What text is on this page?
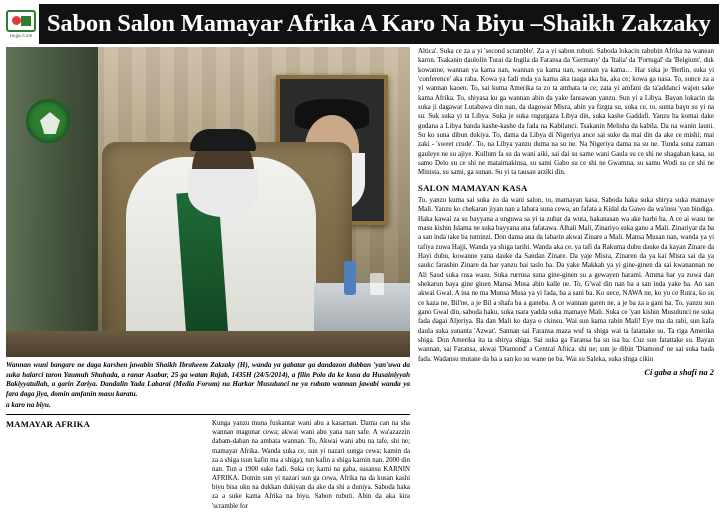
Hujja.Com Sabon Salon Mamayar Afrika A Karo Na Biyu –Shaikh Zakzaky
Wannan wuni bangare ne daga karshen jawabin Shaikh Ibraheem Zakzaky (H), wanda ya gabatar ga dandazon dubban 'yan'uwa da suka halarci taron Yaumuh Shuhada, a ranar Asabar, 25 ga watan Rajab, 1435H (24/5/2014), a filin Polo da ke kusa da Husainiyyah Bakiyyatullah, a garin Zariya. Dandalin Yada Labarai (Media Forum) na Harkar Musulunci ne ya rubuto wannan jawabi wanda ya fara daga jiya, domin amfanin masu karatu.
a karo na biyu.
MAMAYAR AFRIKA	Kunga yanzu muna fuskantar wani abu a kasarnan. Dama can na sha wannan magunar cewa; akwai wani abu yana nan safe. A wa'azazzin dabam-daban na ambata wannan. To, Akwai wani abu na tafe, shi ne; mamayar Afrika. Wanda suka ce, sun yi nazari sunga cewa; kamin da za a shiga tsun kafin ma a shiga), tun kafin a shiga karnin nan. 2000 din nan. Tun a 1900 suke fadi. Suka ce; karni na gaba, susansu KARNIN AFRIKA. Domin sun yi nazari sun ga cewa, Afrika na da kusan kashi biyu bisa uku na dukkan dukiyan da ake da shi a duniya. Saboda haka za a suke kama Afrika na biyu. Sabon rubuti. Abin da aka kira 'scramble for

Altica'. Suka ce za a yi 'second scramble'. Za a yi sabon rubuti. Saboda lokacin rabubin Afrika na wanean karon. Tsakanin daulolin Turai da Ingila da Faransa da 'Germany' da 'Italia' da 'Portugal' da 'Belgium', duk kowanne, wannan ya kama nan, wannan ya kama nan, wannan ya kama… Har suka je 'Berlin, suka yi 'conference' aka raba. Kowa ya fadi mda ya kama aka taaga aka ba, aka ce; kowa ga nasa. To, sunce za a yi wannan kaoen. To, sai kuma Amerika ta zo ta ambata ta ce; zata yi amfani da ta'addanci wajen sake kama Afrika. To, shiyasa ku ga wannan abin da yake fansawan yanzu. Sun yi a Libya. Bayan lokacin da suka ji dagawar Lutabawa din nan, da dagowar Misra, abin ya fizgta su, suka ce, to, suma baɣu su yi na su. Suk suka yi ta Libya. Suka je suka rugurgaza Libya din, suka kashe Gaddafi. Yanzu ba komai dake gudana a Libya banda kashe-kashe da fada na Kabilanci. Tsakanin Melisha da kabila. Da na wanin launi. Su ko suna dibun dukiya. To, dama da Libya di Nigeriya ance sai suke da mai din da ake ce mishi; mai zaki - 'sweet crude'. To, na Libya yanzu duma na su ne. Na Nigeriya dama na su ne. Tunda suna zaman gauleye ne su ajiye. Kullum fa su da wani aiki, sai dai su same wani Gaula su ce shi ne shagaban kasa, su samo Delo su ce shi ne mataimakinsa, su sami Gabo su ce shi ne Gwamna, su samu Wodi su ce shi ne Minista, su sami, ga sunan. Su yi ta tausan arziki din.

SALON MAMAYAN KASA

To, yanzu kuma sai suka zo da wani salon, to, mamayan kasa. Saboda haka suka shirya suka mamaye Mali. Yanzu ko chekaran jiyan nan a labara suna cewa; an fafata a Kidal da Gawo da wa'insu 'yan bindiga. Haka kawai za su bayyana a unguwa sa yi ta zubar da wuta, hakanasan wa ake harbi ba. A ce ai wasu ne masu kishin Islama ne suka bayyana ana fafatawa. Alhali Mali, Zinariyo suka gano a Mali. Zinariyar da ba a san inda take ba tuminzi. Don dama ana da labarin akwai Zinare a Mali. Mansa Musan nan, wanda ya yi tafiya zuwa Hajji, Wanda ya shiga tarihi. Wanda aka ce, ya tafi da Rakuma dubu dauke da kayan Zinare da Hayi dubu, kowanne yana dauke da Sandan Zinare. Da yaje Misra, Zinaren da ya kai Misra sai da ya saukc farashin Zinare da har yanzu bai taslo ba. Da yake Makkah ya yi gine-ginen da sai kwanannan ne Ali Saud suka rusa wasu. Suka rurrusa suna gine-ginen su a gewayen harami. Amma har ya zuwa dan shekarun baya gine ginen Mansa Musa abin kalle ne. To, G'wal din nan ba a san inda yake ba. An san akwai Gwal. A ina ne ma Munsa Musa ya yi fada, ba a sani ba. Ko uece, NAWA ne, ko yu ce Ruira, ko su ce kaza ne, Bil'ne, a je Bil a shafa ba a ganeba. A ce wannan garen ne, a je ba za a gani ba. To, yanzu sun gano Gwal din, saboda haku, suka tsara yadda suka mamaye Mali. Suka ce 'yan kishin Musulunci ne suka fada dagai Aljeriya. Ba dan Mali ko daya o ckinsu. Wai sun kama rabin Mali! Eye ma da rabi, sun kafa daula suka sunanta 'Azwat'. Sannan sai Faransa maza wuf ta shiga wai ta fatattake su. Ta riga Amerika shiga. Don Amerika ita ta shirya shiga. Sai suka ga Faransa ba su isa ba. Cuz sun fatattake su. Bayan wannan, sai Faransa, akwai 'Diamond' a Central Aftica. shi ne; sun je dibin 'Diamond' ne sai suka hada fada. Wadansu mutane da ba a san ko su wane ne ba. Wai su Saleka, suka shiga cikin

Ci gaba a shafi na 2
